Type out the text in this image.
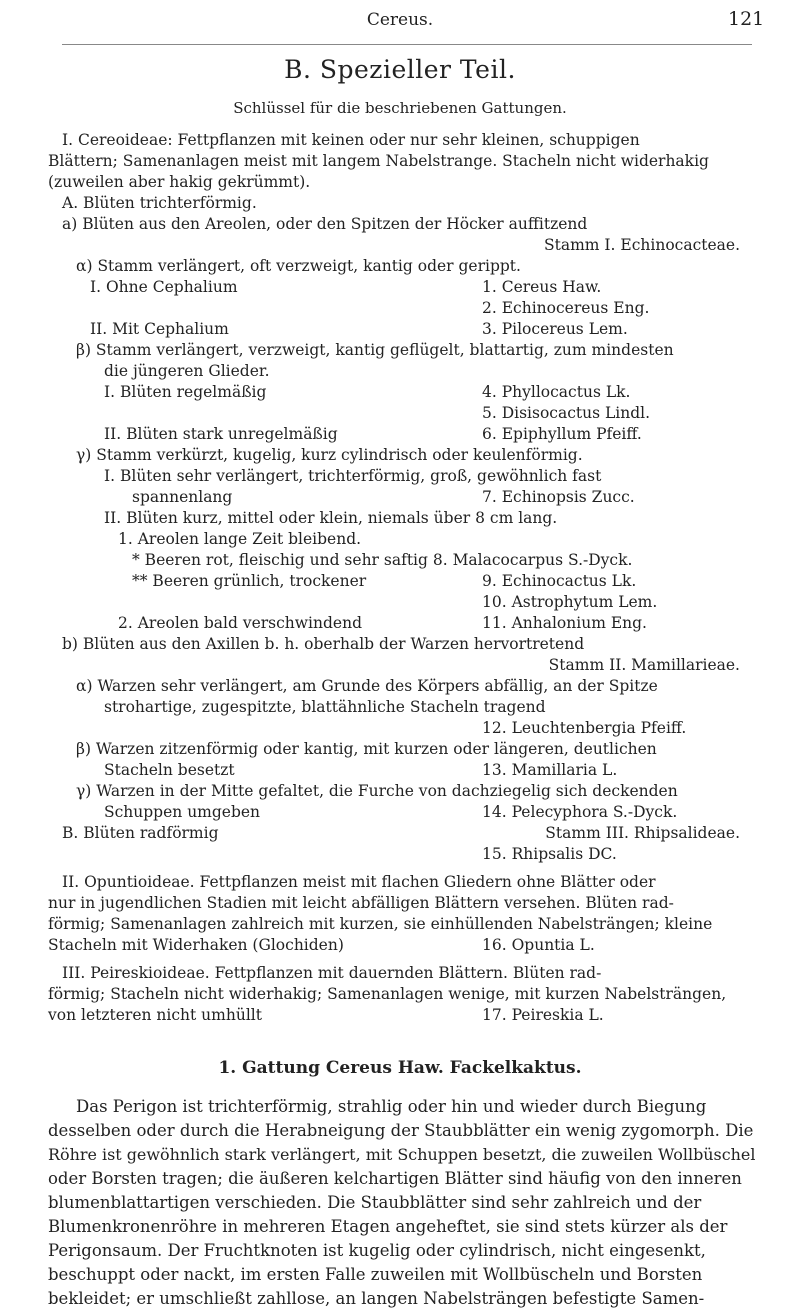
Cereus.	121
B. Spezieller Teil.
Schlüssel für die beschriebenen Gattungen.
I. Cereoideae: Fettpflanzen mit keinen oder nur sehr kleinen, schuppigen
Blättern; Samenanlagen meist mit langem Nabelstrange. Stacheln nicht widerhakig
(zuweilen aber hakig gekrümmt).
A. Blüten trichterförmig.
a) Blüten aus den Areolen, oder den Spitzen der Höcker auffitzend
Stamm I. Echinocacteae.
α) Stamm verlängert, oft verzweigt, kantig oder gerippt.
I. Ohne Cephalium	1. Cereus Haw.
2. Echinocereus Eng.
II. Mit Cephalium	3. Pilocereus Lem.
β) Stamm verlängert, verzweigt, kantig geflügelt, blattartig, zum mindesten
die jüngeren Glieder.
I. Blüten regelmäßig	4. Phyllocactus Lk.
5. Disisocactus Lindl.
II. Blüten stark unregelmäßig	6. Epiphyllum Pfeiff.
γ) Stamm verkürzt, kugelig, kurz cylindrisch oder keulenförmig.
I. Blüten sehr verlängert, trichterförmig, groß, gewöhnlich fast
spannenlang	7. Echinopsis Zucc.
II. Blüten kurz, mittel oder klein, niemals über 8 cm lang.
1. Areolen lange Zeit bleibend.
* Beeren rot, fleischig und sehr saftig 8. Malacocarpus S.-Dyck.
** Beeren grünlich, trockener	9. Echinocactus Lk.
10. Astrophytum Lem.
2. Areolen bald verschwindend	11. Anhalonium Eng.
b) Blüten aus den Axillen b. h. oberhalb der Warzen hervortretend
Stamm II. Mamillarieae.
α) Warzen sehr verlängert, am Grunde des Körpers abfällig, an der Spitze
strohartige, zugespitzte, blattähnliche Stacheln tragend
12. Leuchtenbergia Pfeiff.
β) Warzen zitzenförmig oder kantig, mit kurzen oder längeren, deutlichen
Stacheln besetzt	13. Mamillaria L.
γ) Warzen in der Mitte gefaltet, die Furche von dachziegelig sich deckenden
Schuppen umgeben	14. Pelecyphora S.-Dyck.
B. Blüten radförmig	Stamm III. Rhipsalideae.
15. Rhipsalis DC.
II. Opuntioideae. Fettpflanzen meist mit flachen Gliedern ohne Blätter oder
nur in jugendlichen Stadien mit leicht abfälligen Blättern versehen. Blüten rad-
förmig; Samenanlagen zahlreich mit kurzen, sie einhüllenden Nabelsträngen; kleine
Stacheln mit Widerhaken (Glochiden)	16. Opuntia L.
III. Peireskioideae. Fettpflanzen mit dauernden Blättern. Blüten rad-
förmig; Stacheln nicht widerhakig; Samenanlagen wenige, mit kurzen Nabelsträngen,
von letzteren nicht umhüllt	17. Peireskia L.
1. Gattung Cereus Haw. Fackelkaktus.
Das Perigon ist trichterförmig, strahlig oder hin und wieder durch Biegung
desselben oder durch die Herabneigung der Staubblätter ein wenig zygomorph. Die
Röhre ist gewöhnlich stark verlängert, mit Schuppen besetzt, die zuweilen Wollbüschel
oder Borsten tragen; die äußeren kelchartigen Blätter sind häufig von den inneren
blumenblattartigen verschieden. Die Staubblätter sind sehr zahlreich und der
Blumenkronenröhre in mehreren Etagen angeheftet, sie sind stets kürzer als der
Perigonsaum. Der Fruchtknoten ist kugelig oder cylindrisch, nicht eingesenkt,
beschuppt oder nackt, im ersten Falle zuweilen mit Wollbüscheln und Borsten
bekleidet; er umschließt zahllose, an langen Nabelsträngen befestigte Samen-
